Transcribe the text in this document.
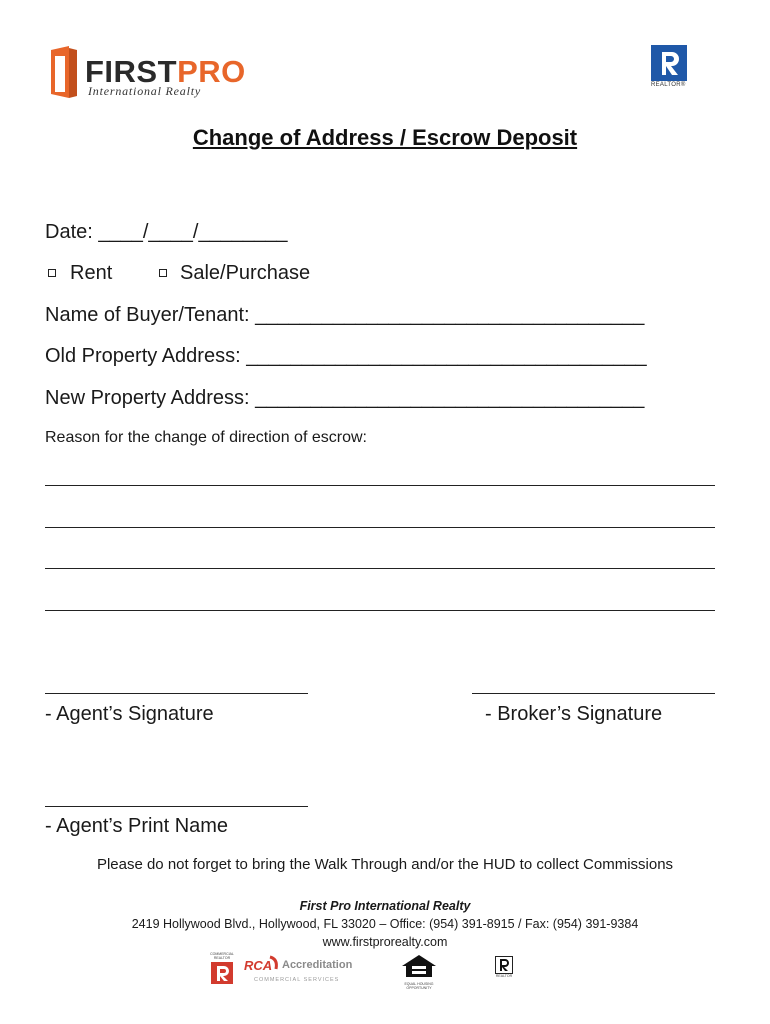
FIRSTPRO
International Realty	REALTOR®
Change of Address / Escrow Deposit
Date: ____/____/________
Rent	Sale/Purchase
Name of Buyer/Tenant: ___________________________________
Old Property Address: ____________________________________
New Property Address: ___________________________________
Reason for the change of direction of escrow:
- Agent’s Signature	- Broker’s Signature
- Agent’s Print Name
Please do not forget to bring the Walk Through and/or the HUD to collect Commissions
First Pro International Realty
2419 Hollywood Blvd., Hollywood, FL 33020 – Office: (954) 391-8915 / Fax: (954) 391-9384
www.firstprorealty.com
COMMERCIAL REALTOR
RCA Accreditation
COMMERCIAL SERVICES
EQUAL HOUSING OPPORTUNITY
REALTOR
